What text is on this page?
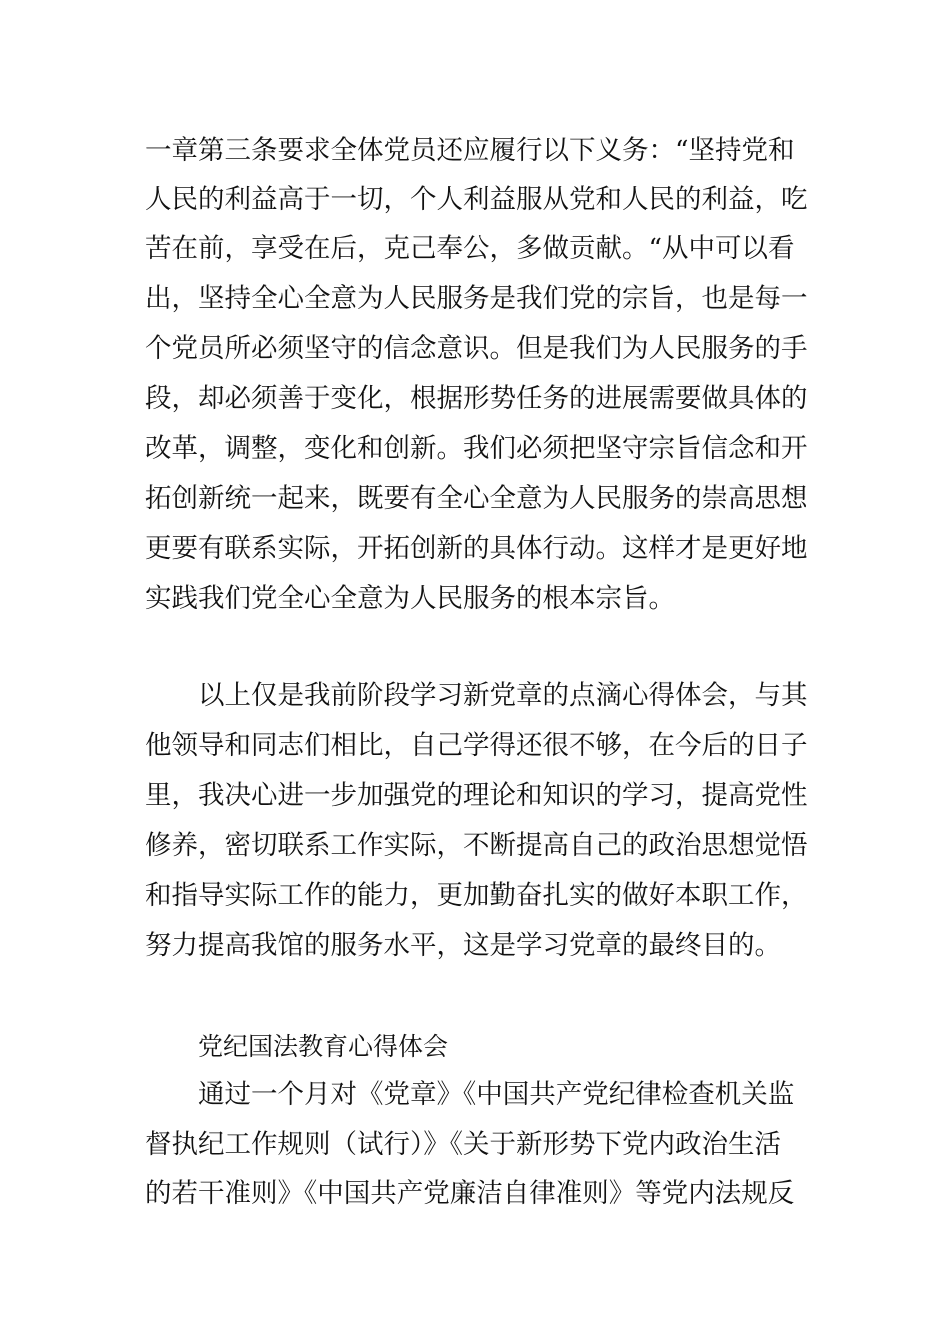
一章第三条要求全体党员还应履行以下义务：“坚持党和
人民的利益高于一切，个人利益服从党和人民的利益，吃
苦在前，享受在后，克己奉公，多做贡献。“从中可以看
出，坚持全心全意为人民服务是我们党的宗旨，也是每一
个党员所必须坚守的信念意识。但是我们为人民服务的手
段，却必须善于变化，根据形势任务的进展需要做具体的
改革，调整，变化和创新。我们必须把坚守宗旨信念和开
拓创新统一起来，既要有全心全意为人民服务的崇高思想
更要有联系实际，开拓创新的具体行动。这样才是更好地
实践我们党全心全意为人民服务的根本宗旨。
以上仅是我前阶段学习新党章的点滴心得体会，与其
他领导和同志们相比，自己学得还很不够，在今后的日子
里，我决心进一步加强党的理论和知识的学习，提高党性
修养，密切联系工作实际，不断提高自己的政治思想觉悟
和指导实际工作的能力，更加勤奋扎实的做好本职工作，
努力提高我馆的服务水平，这是学习党章的最终目的。
党纪国法教育心得体会
通过一个月对《党章》《中国共产党纪律检查机关监
督执纪工作规则（试行）》《关于新形势下党内政治生活
的若干准则》《中国共产党廉洁自律准则》等党内法规反
